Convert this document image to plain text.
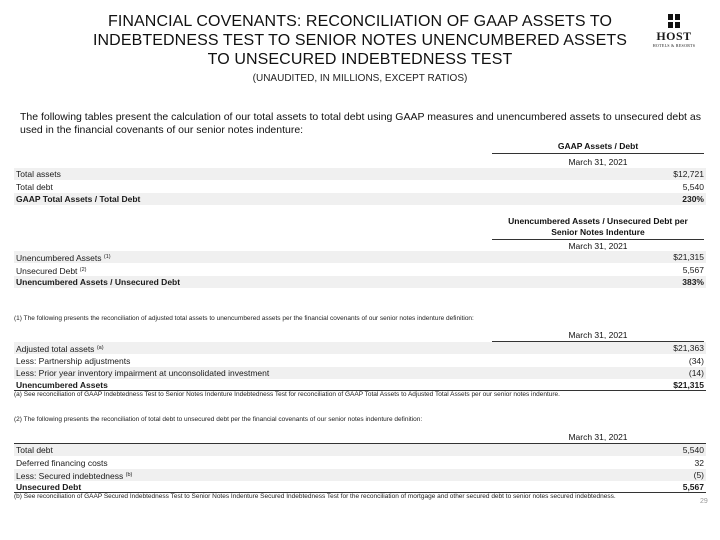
FINANCIAL COVENANTS: RECONCILIATION OF GAAP ASSETS TO
INDEBTEDNESS TEST TO SENIOR NOTES UNENCUMBERED ASSETS
TO UNSECURED INDEBTEDNESS TEST
(UNAUDITED, IN MILLIONS, EXCEPT RATIOS)
HOST
HOTELS & RESORTS
The following tables present the calculation of our total assets to total debt using GAAP measures and unencumbered assets to unsecured debt as used in the financial covenants of our senior notes indenture:
GAAP Assets / Debt
March 31, 2021
Total assets	$12,721
Total debt	5,540
GAAP Total Assets / Total Debt	230%
Unencumbered Assets / Unsecured Debt per
Senior Notes Indenture
March 31, 2021
Unencumbered Assets $^{(1)}$	$21,315
Unsecured Debt $^{(2)}$	5,567
Unencumbered Assets / Unsecured Debt	383%
(1) The following presents the reconciliation of adjusted total assets to unencumbered assets per the financial covenants of our senior notes indenture definition:
March 31, 2021
Adjusted total assets $^{(a)}$	$21,363
Less: Partnership adjustments	(34)
Less: Prior year inventory impairment at unconsolidated investment	(14)
Unencumbered Assets	$21,315
(a) See reconciliation of GAAP Indebtedness Test to Senior Notes Indenture Indebtedness Test for reconciliation of GAAP Total Assets to Adjusted Total Assets per our senior notes indenture.
(2) The following presents the reconciliation of total debt to unsecured debt per the financial covenants of our senior notes indenture definition:
March 31, 2021
Total debt	5,540
Deferred financing costs	32
Less: Secured indebtedness $^{(b)}$	(5)
Unsecured Debt	5,567
(b) See reconciliation of GAAP Secured Indebtedness Test to Senior Notes Indenture Secured Indebtedness Test for the reconciliation of mortgage and other secured debt to senior notes secured indebtedness.
29
